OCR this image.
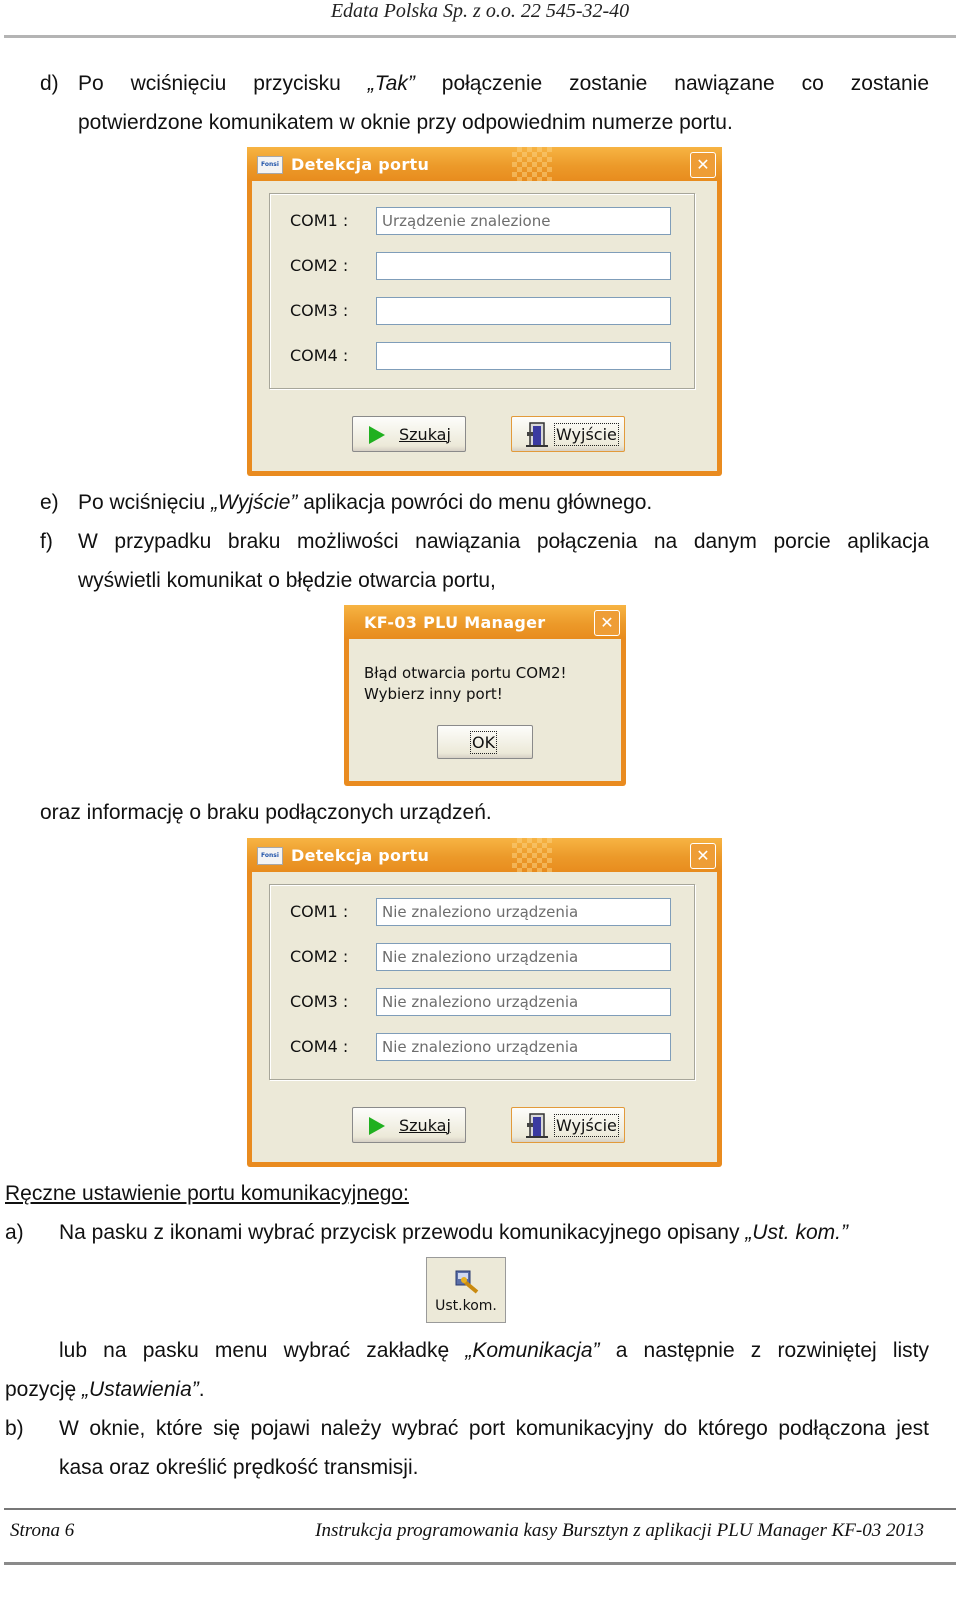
Edata Polska Sp. z o.o. 22 545-32-40
d) Po wciśnięciu przycisku „Tak” połączenie zostanie nawiązane co zostanie
potwierdzone komunikatem w oknie przy odpowiednim numerze portu.
Fonsi Detekcja portu	✕
COM1 :	Urządzenie znalezione
COM2 :
COM3 :
COM4 :
Szukaj	Wyjście
e) Po wciśnięciu „Wyjście” aplikacja powróci do menu głównego.
f) W przypadku braku możliwości nawiązania połączenia na danym porcie aplikacja
wyświetli komunikat o błędzie otwarcia portu,
KF-03 PLU Manager	✕
Błąd otwarcia portu COM2!
Wybierz inny port!
OK
oraz informację o braku podłączonych urządzeń.
Fonsi Detekcja portu	✕
COM1 :	Nie znaleziono urządzenia
COM2 :	Nie znaleziono urządzenia
COM3 :	Nie znaleziono urządzenia
COM4 :	Nie znaleziono urządzenia
Szukaj	Wyjście
Ręczne ustawienie portu komunikacyjnego:
a) Na pasku z ikonami wybrać przycisk przewodu komunikacyjnego opisany „Ust. kom.”
Ust.kom.
lub na pasku menu wybrać zakładkę „Komunikacja” a następnie z rozwiniętej listy
pozycję „Ustawienia”.
b) W oknie, które się pojawi należy wybrać port komunikacyjny do którego podłączona jest
kasa oraz określić prędkość transmisji.
Strona 6	Instrukcja programowania kasy Bursztyn z aplikacji PLU Manager KF-03 2013
